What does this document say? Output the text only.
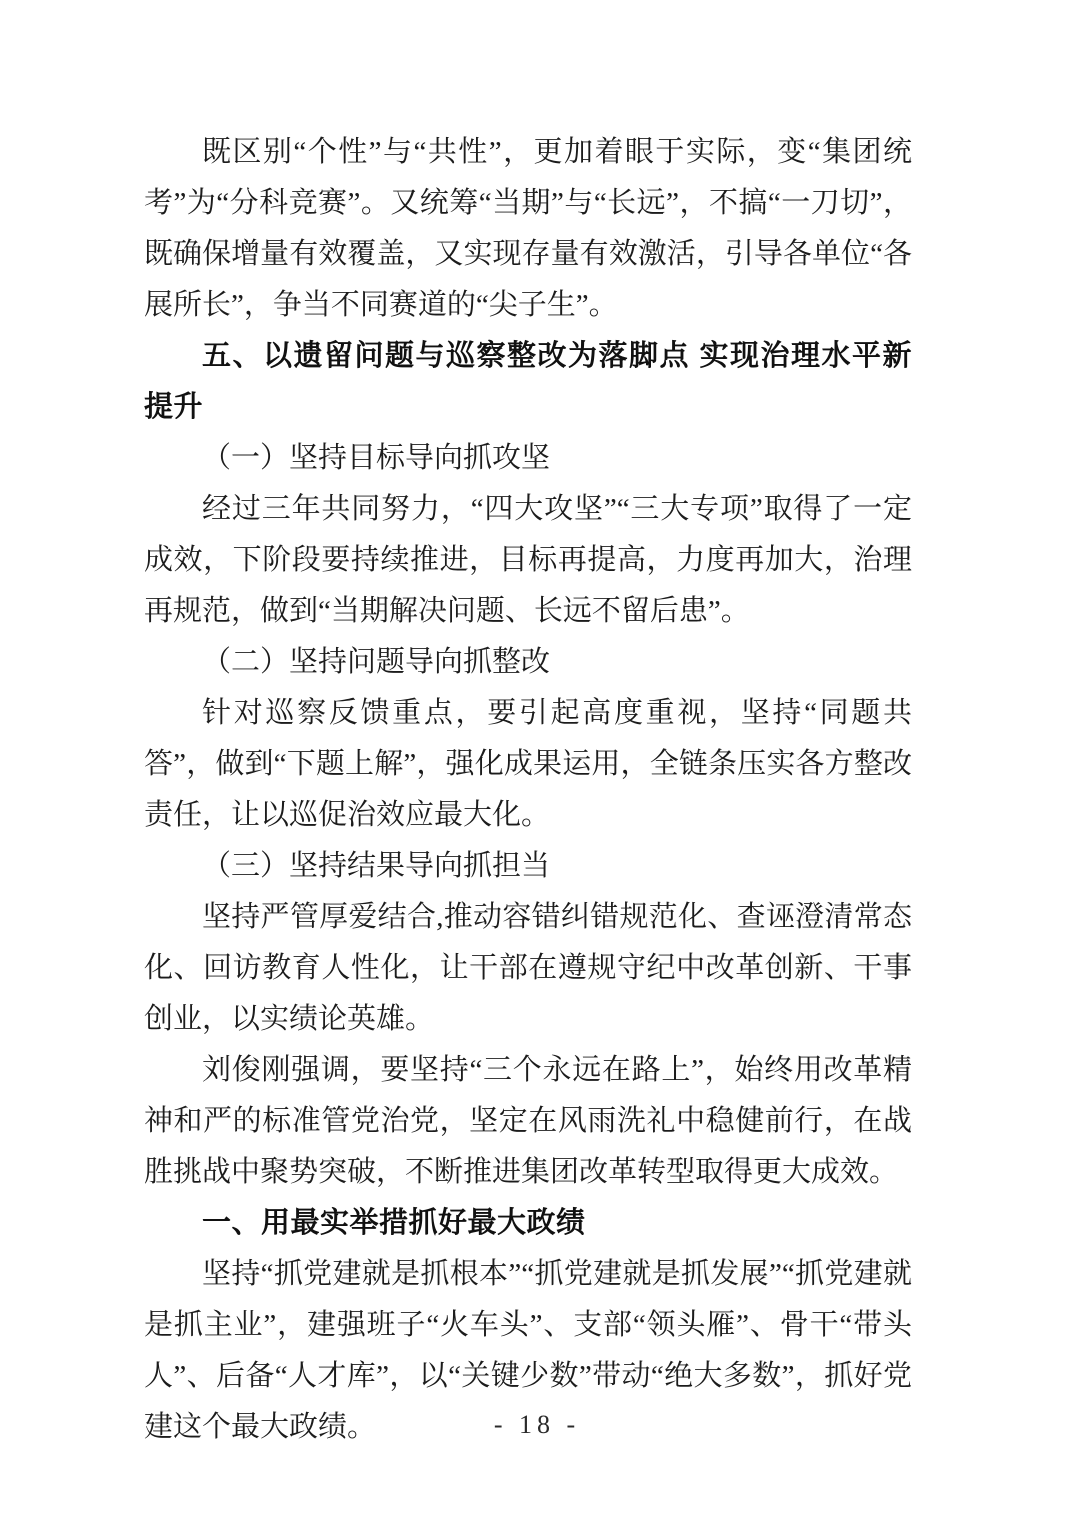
既区别“个性”与“共性”，更加着眼于实际，变“集团统考”为“分科竞赛”。又统筹“当期”与“长远”，不搞“一刀切”，既确保增量有效覆盖，又实现存量有效激活，引导各单位“各展所长”，争当不同赛道的“尖子生”。

五、以遗留问题与巡察整改为落脚点 实现治理水平新提升

（一）坚持目标导向抓攻坚

经过三年共同努力，“四大攻坚”“三大专项”取得了一定成效，下阶段要持续推进，目标再提高，力度再加大，治理再规范，做到“当期解决问题、长远不留后患”。

（二）坚持问题导向抓整改

针对巡察反馈重点，要引起高度重视，坚持“同题共答”，做到“下题上解”，强化成果运用，全链条压实各方整改责任，让以巡促治效应最大化。

（三）坚持结果导向抓担当

坚持严管厚爱结合,推动容错纠错规范化、查诬澄清常态化、回访教育人性化，让干部在遵规守纪中改革创新、干事创业，以实绩论英雄。

刘俊刚强调，要坚持“三个永远在路上”，始终用改革精神和严的标准管党治党，坚定在风雨洗礼中稳健前行，在战胜挑战中聚势突破，不断推进集团改革转型取得更大成效。

一、用最实举措抓好最大政绩

坚持“抓党建就是抓根本”“抓党建就是抓发展”“抓党建就是抓主业”，建强班子“火车头”、支部“领头雁”、骨干“带头人”、后备“人才库”，以“关键少数”带动“绝大多数”，抓好党建这个最大政绩。	- 18 -
